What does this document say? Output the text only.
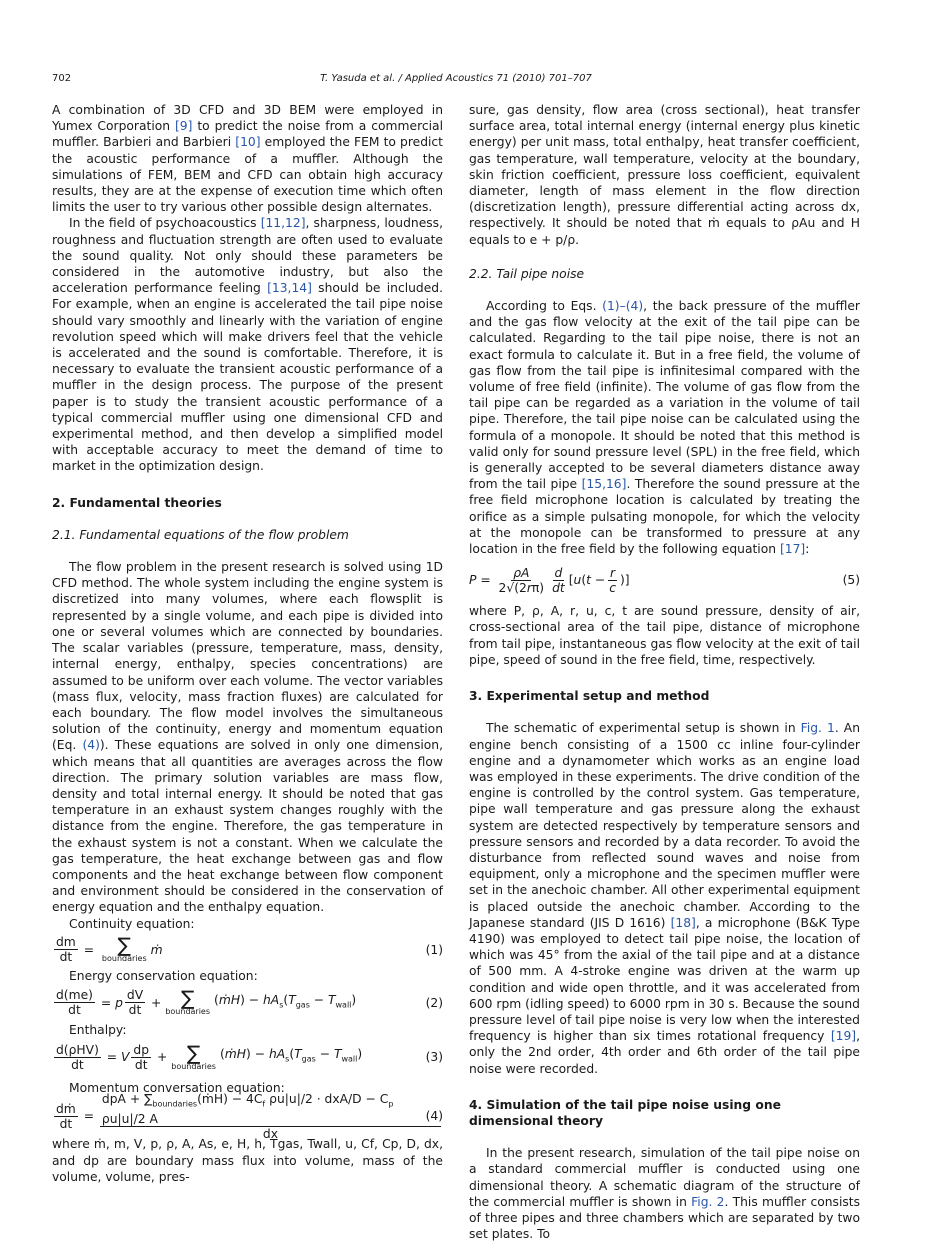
702	T. Yasuda et al. / Applied Acoustics 71 (2010) 701–707

A combination of 3D CFD and 3D BEM were employed in Yumex Corporation [9] to predict the noise from a commercial muffler. Barbieri and Barbieri [10] employed the FEM to predict the acoustic performance of a muffler. Although the simulations of FEM, BEM and CFD can obtain high accuracy results, they are at the expense of execution time which often limits the user to try various other possible design alternates.

In the field of psychoacoustics [11,12], sharpness, loudness, roughness and fluctuation strength are often used to evaluate the sound quality. Not only should these parameters be considered in the automotive industry, but also the acceleration performance feeling [13,14] should be included. For example, when an engine is accelerated the tail pipe noise should vary smoothly and linearly with the variation of engine revolution speed which will make drivers feel that the vehicle is accelerated and the sound is comfortable. Therefore, it is necessary to evaluate the transient acoustic performance of a muffler in the design process. The purpose of the present paper is to study the transient acoustic performance of a typical commercial muffler using one dimensional CFD and experimental method, and then develop a simplified model with acceptable accuracy to meet the demand of time to market in the optimization design.

2. Fundamental theories
2.1. Fundamental equations of the flow problem

The flow problem in the present research is solved using 1D CFD method. The whole system including the engine system is discretized into many volumes, where each flowsplit is represented by a single volume, and each pipe is divided into one or several volumes which are connected by boundaries. The scalar variables (pressure, temperature, mass, density, internal energy, enthalpy, species concentrations) are assumed to be uniform over each volume. The vector variables (mass flux, velocity, mass fraction fluxes) are calculated for each boundary. The flow model involves the simultaneous solution of the continuity, energy and momentum equation (Eq. (4)). These equations are solved in only one dimension, which means that all quantities are averages across the flow direction. The primary solution variables are mass flow, density and total internal energy. It should be noted that gas temperature in an exhaust system changes roughly with the distance from the engine. Therefore, the gas temperature in the exhaust system is not a constant. When we calculate the gas temperature, the heat exchange between gas and flow components and the heat exchange between flow component and environment should be considered in the conservation of energy equation and the enthalpy equation.

Continuity equation:

$\frac{dm}{dt}$ = ∑
boundaries
ṁ	(1)

Energy conservation equation:

$\frac{d(me)}{dt} = p \frac{dV}{dt}$ + ∑
boundaries
(ṁH) − $hA_s(T_{gas} - T_{wall})$	(2)

Enthalpy:

$\frac{\text{d(ρHV)}}{dt} = V \frac{dp}{dt}$ + ∑
boundaries
(ṁH) − $hA_s(T_{gas} - T_{wall})$	(3)

Momentum conversation equation:

$\frac{\text{dṁ}}{dt} = \frac{dpA + \sum_{boundaries}(ṁH) - 4C_f \rho u|u|/2 \cdot dxA/D - C_p \rho u|u|/2 A}{dx}$
(4)

where ṁ, m, V, p, ρ, A, As, e, H, h, Tgas, Twall, u, Cf, Cp, D, dx, and dp are boundary mass flux into volume, mass of the volume, volume, pres-

sure, gas density, flow area (cross sectional), heat transfer surface area, total internal energy (internal energy plus kinetic energy) per unit mass, total enthalpy, heat transfer coefficient, gas temperature, wall temperature, velocity at the boundary, skin friction coefficient, pressure loss coefficient, equivalent diameter, length of mass element in the flow direction (discretization length), pressure differential acting across dx, respectively. It should be noted that ṁ equals to ρAu and H equals to e + p/ρ.

2.2. Tail pipe noise

According to Eqs. (1)–(4), the back pressure of the muffler and the gas flow velocity at the exit of the tail pipe can be calculated. Regarding to the tail pipe noise, there is not an exact formula to calculate it. But in a free field, the volume of gas flow from the tail pipe is infinitesimal compared with the volume of free field (infinite). The volume of gas flow from the tail pipe can be regarded as a variation in the volume of tail pipe. Therefore, the tail pipe noise can be calculated using the formula of a monopole. It should be noted that this method is valid only for sound pressure level (SPL) in the free field, which is generally accepted to be several diameters distance away from the tail pipe [15,16]. Therefore the sound pressure at the free field microphone location is calculated by treating the orifice as a simple pulsating monopole, for which the velocity at the monopole can be transformed to pressure at any location in the free field by the following equation [17]:

$P = \frac{\rho A}{2√(2r\pi)} \frac{d}{dt} [u(t - \frac{r}{c}$ )]	(5)

where P, ρ, A, r, u, c, t are sound pressure, density of air, cross-sectional area of the tail pipe, distance of microphone from tail pipe, instantaneous gas flow velocity at the exit of tail pipe, speed of sound in the free field, time, respectively.

3. Experimental setup and method

The schematic of experimental setup is shown in Fig. 1. An engine bench consisting of a 1500 cc inline four-cylinder engine and a dynamometer which works as an engine load was employed in these experiments. The drive condition of the engine is controlled by the control system. Gas temperature, pipe wall temperature and gas pressure along the exhaust system are detected respectively by temperature sensors and pressure sensors and recorded by a data recorder. To avoid the disturbance from reflected sound waves and noise from equipment, only a microphone and the specimen muffler were set in the anechoic chamber. All other experimental equipment is placed outside the anechoic chamber. According to the Japanese standard (JIS D 1616) [18], a microphone (B&K Type 4190) was employed to detect tail pipe noise, the location of which was 45° from the axial of the tail pipe and at a distance of 500 mm. A 4-stroke engine was driven at the warm up condition and wide open throttle, and it was accelerated from 600 rpm (idling speed) to 6000 rpm in 30 s. Because the sound pressure level of tail pipe noise is very low when the interested frequency is higher than six times rotational frequency [19], only the 2nd order, 4th order and 6th order of the tail pipe noise were recorded.

4. Simulation of the tail pipe noise using one dimensional theory

In the present research, simulation of the tail pipe noise on a standard commercial muffler is conducted using one dimensional theory. A schematic diagram of the structure of the commercial muffler is shown in Fig. 2. This muffler consists of three pipes and three chambers which are separated by two set plates. To
